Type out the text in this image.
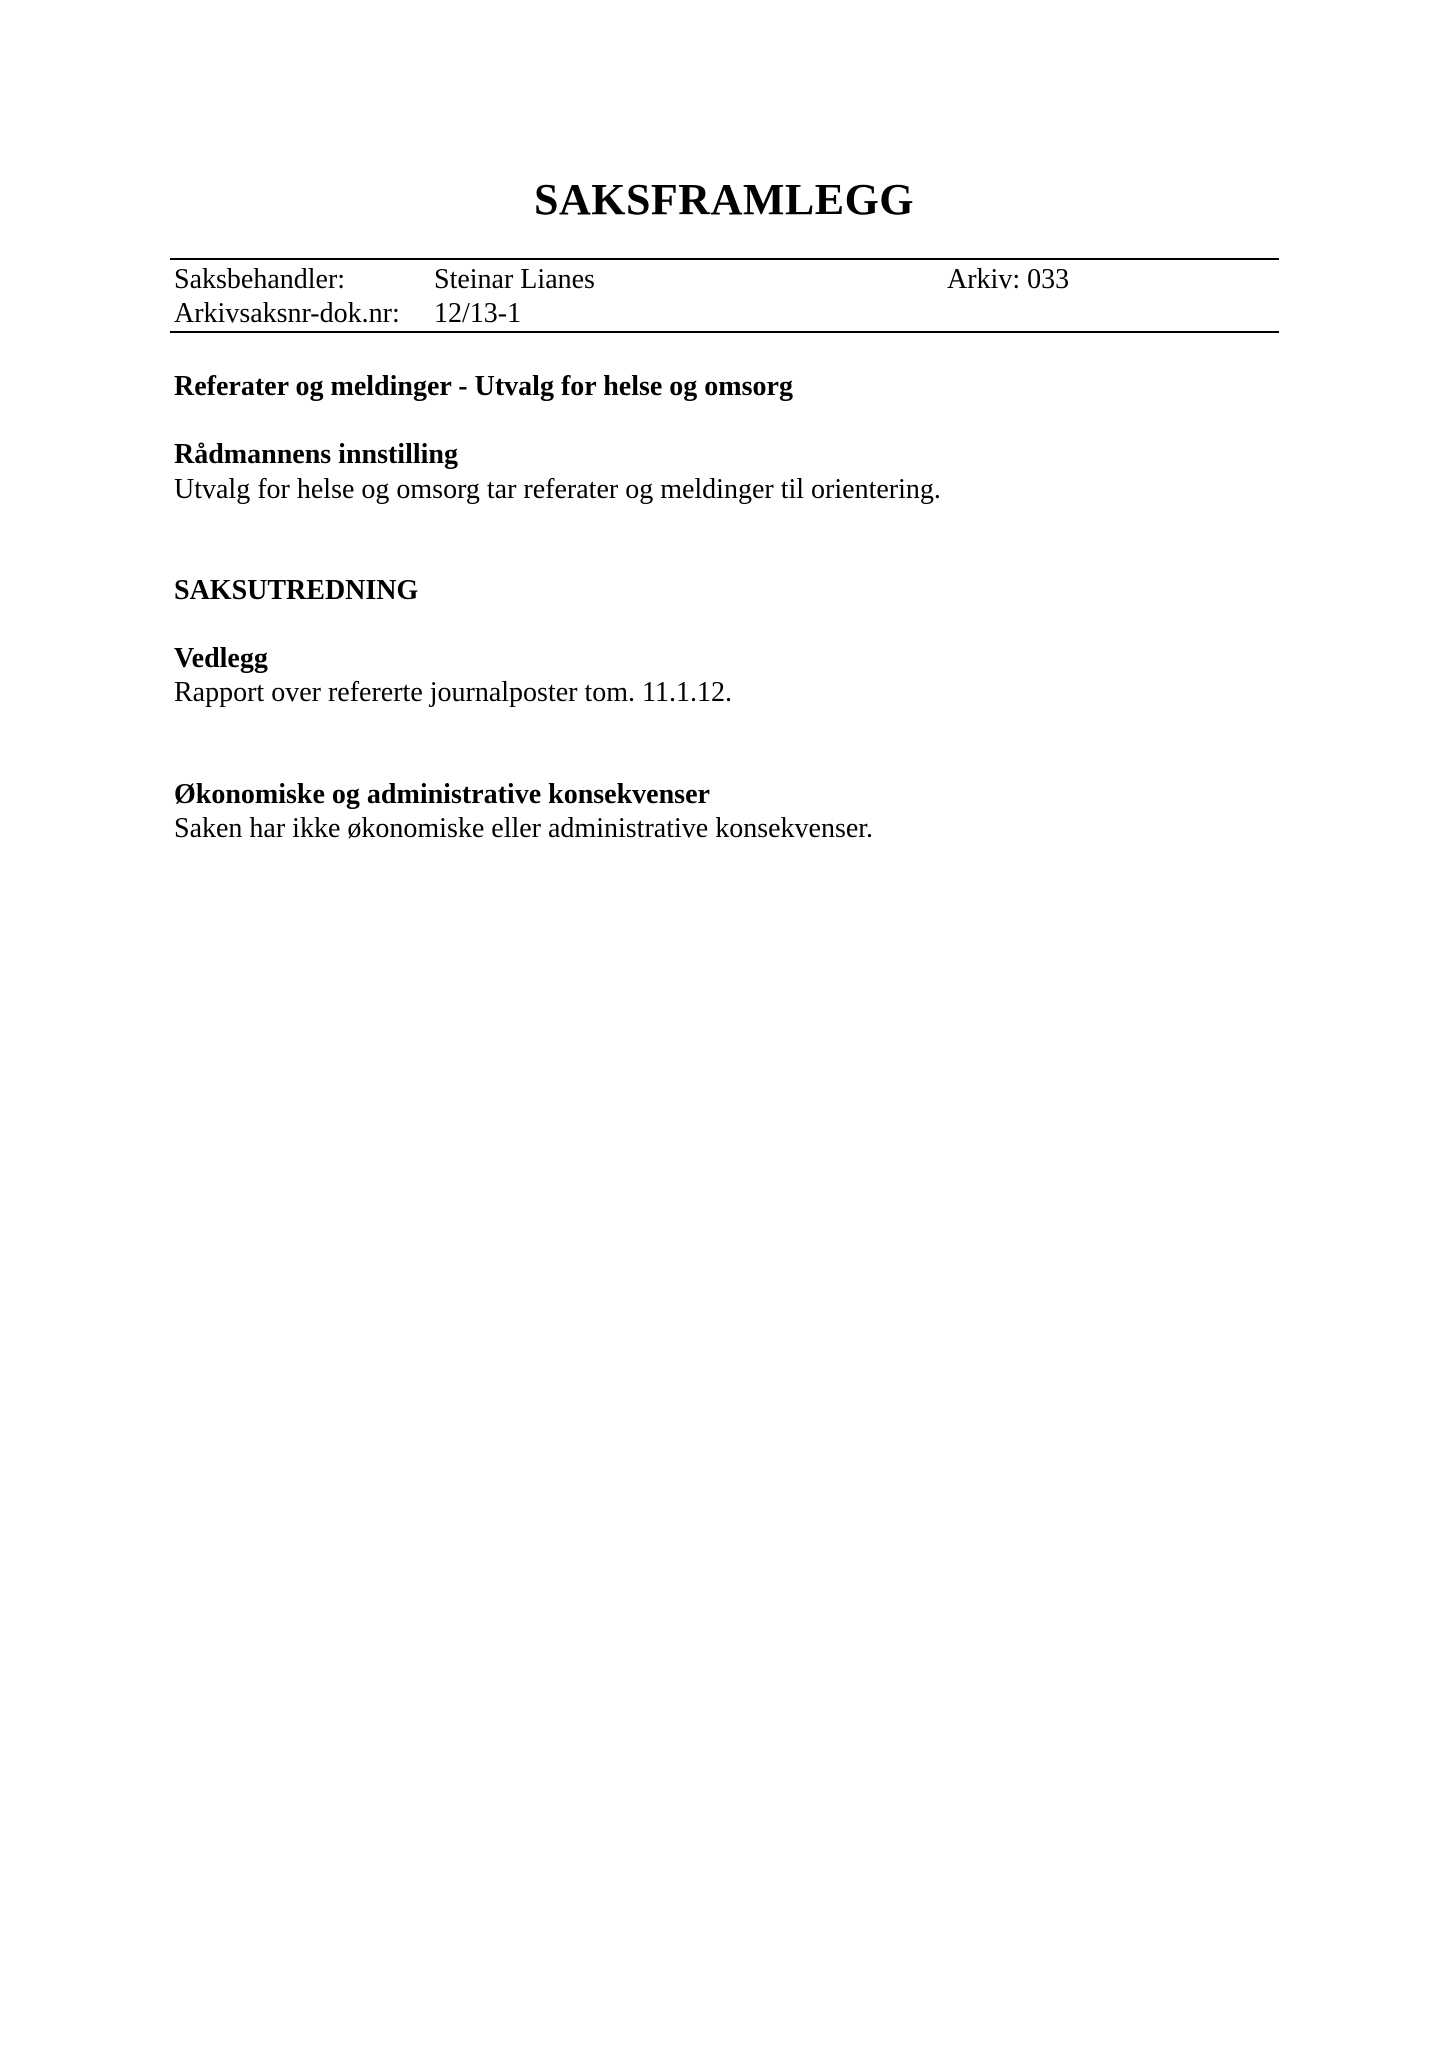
SAKSFRAMLEGG
Saksbehandler:	Steinar Lianes	Arkiv: 033
Arkivsaksnr-dok.nr: 12/13-1
Referater og meldinger - Utvalg for helse og omsorg
Rådmannens innstilling
Utvalg for helse og omsorg tar referater og meldinger til orientering.
SAKSUTREDNING
Vedlegg
Rapport over refererte journalposter tom. 11.1.12.
Økonomiske og administrative konsekvenser
Saken har ikke økonomiske eller administrative konsekvenser.
